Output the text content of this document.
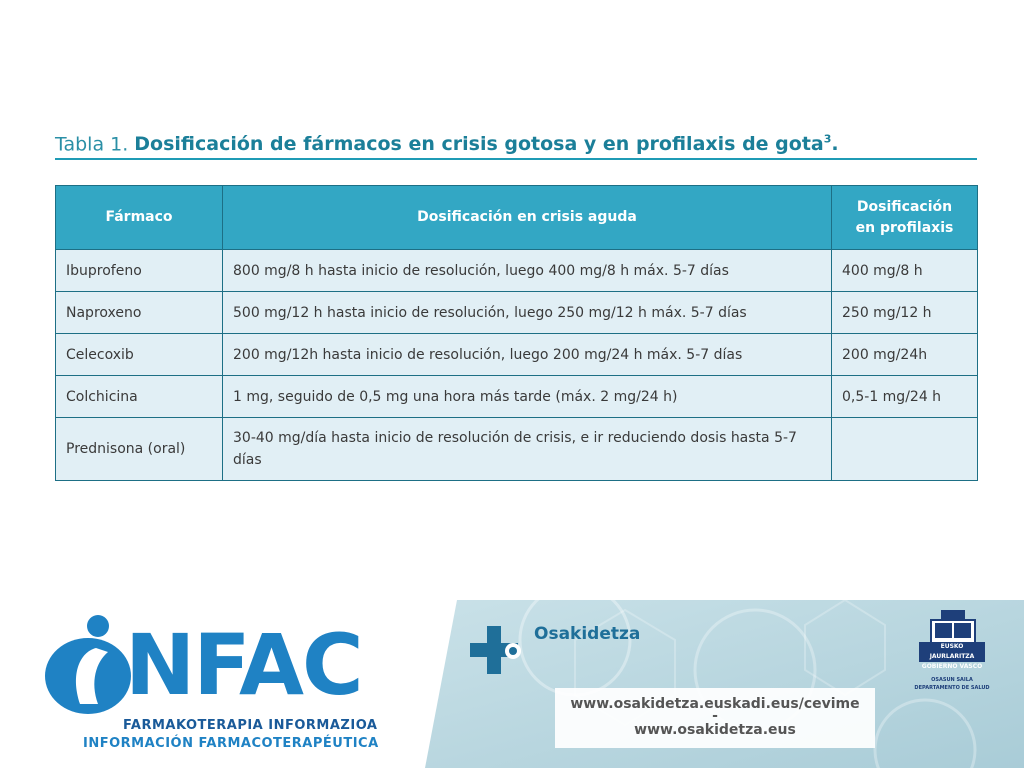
Tabla 1. Dosificación de fármacos en crisis gotosa y en profilaxis de gota$^3$.
Fármaco	Dosificación en crisis aguda	Dosificación en profilaxis
Ibuprofeno	800 mg/8 h hasta inicio de resolución, luego 400 mg/8 h máx. 5-7 días	400 mg/8 h
Naproxeno	500 mg/12 h hasta inicio de resolución, luego 250 mg/12 h máx. 5-7 días	250 mg/12 h
Celecoxib	200 mg/12h hasta inicio de resolución, luego 200 mg/24 h máx. 5-7 días	200 mg/24h
Colchicina	1 mg, seguido de 0,5 mg una hora más tarde (máx. 2 mg/24 h)	0,5-1 mg/24 h
Prednisona (oral)	30-40 mg/día hasta inicio de resolución de crisis, e ir reduciendo dosis hasta 5-7 días	
NFAC
FARMAKOTERAPIA INFORMAZIOA
INFORMACIÓN FARMACOTERAPÉUTICA
Osakidetza
www.osakidetza.euskadi.eus/cevime
-
www.osakidetza.eus
EUSKO JAURLARITZA
GOBIERNO VASCO
OSASUN SAILA
DEPARTAMENTO DE SALUD
